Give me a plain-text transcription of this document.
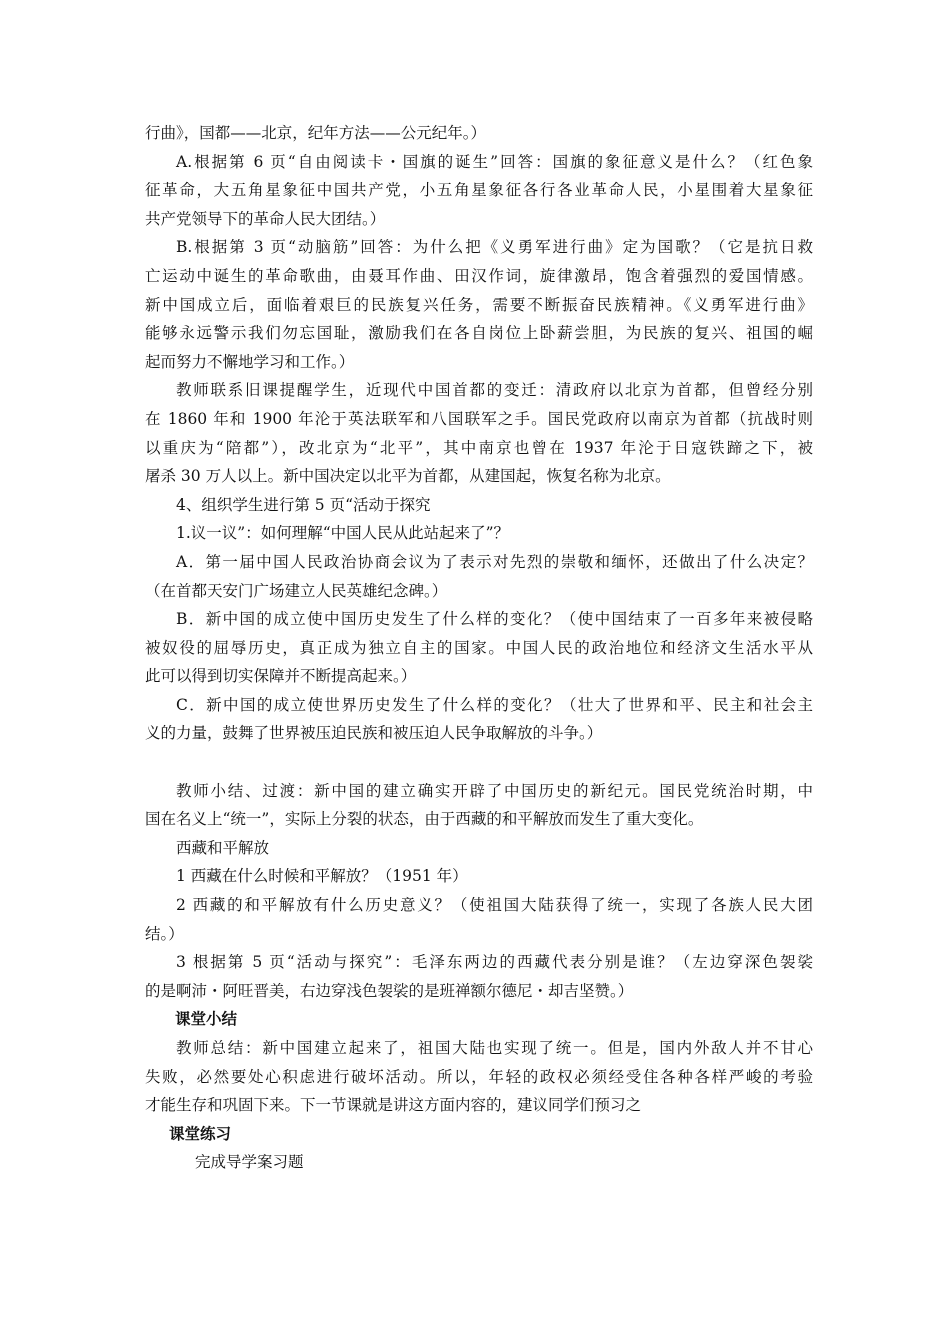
行曲》，国都——北京，纪年方法——公元纪年。）
A.根据第 6 页“自由阅读卡・国旗的诞生”回答：国旗的象征意义是什么？（红色象
征革命，大五角星象征中国共产党，小五角星象征各行各业革命人民，小星围着大星象征
共产党领导下的革命人民大团结。）
B.根据第 3 页“动脑筋”回答：为什么把《义勇军进行曲》定为国歌？（它是抗日救
亡运动中诞生的革命歌曲，由聂耳作曲、田汉作词，旋律激昂，饱含着强烈的爱国情感。
新中国成立后，面临着艰巨的民族复兴任务，需要不断振奋民族精神。《义勇军进行曲》
能够永远警示我们勿忘国耻，激励我们在各自岗位上卧薪尝胆，为民族的复兴、祖国的崛
起而努力不懈地学习和工作。）
教师联系旧课提醒学生，近现代中国首都的变迁：清政府以北京为首都，但曾经分别
在 1860 年和 1900 年沦于英法联军和八国联军之手。国民党政府以南京为首都（抗战时则
以重庆为“陪都”），改北京为“北平”，其中南京也曾在 1937 年沦于日寇铁蹄之下，被
屠杀 30 万人以上。新中国决定以北平为首都，从建国起，恢复名称为北京。
4、组织学生进行第 5 页“活动于探究
1.议一议”：如何理解“中国人民从此站起来了”？
A．第一届中国人民政治协商会议为了表示对先烈的崇敬和缅怀，还做出了什么决定？
（在首都天安门广场建立人民英雄纪念碑。）
B．新中国的成立使中国历史发生了什么样的变化？（使中国结束了一百多年来被侵略
被奴役的屈辱历史，真正成为独立自主的国家。中国人民的政治地位和经济文生活水平从
此可以得到切实保障并不断提高起来。）
C．新中国的成立使世界历史发生了什么样的变化？（壮大了世界和平、民主和社会主
义的力量，鼓舞了世界被压迫民族和被压迫人民争取解放的斗争。）
教师小结、过渡：新中国的建立确实开辟了中国历史的新纪元。国民党统治时期，中
国在名义上“统一”，实际上分裂的状态，由于西藏的和平解放而发生了重大变化。
西藏和平解放
1 西藏在什么时候和平解放？（1951 年）
2 西藏的和平解放有什么历史意义？（使祖国大陆获得了统一，实现了各族人民大团
结。）
3 根据第 5 页“活动与探究”：毛泽东两边的西藏代表分别是谁？（左边穿深色袈裟
的是啊沛・阿旺晋美，右边穿浅色袈裟的是班禅额尔德尼・却吉坚赞。）
课堂小结
教师总结：新中国建立起来了，祖国大陆也实现了统一。但是，国内外敌人并不甘心
失败，必然要处心积虑进行破坏活动。所以，年轻的政权必须经受住各种各样严峻的考验
才能生存和巩固下来。下一节课就是讲这方面内容的，建议同学们预习之
课堂练习
完成导学案习题
